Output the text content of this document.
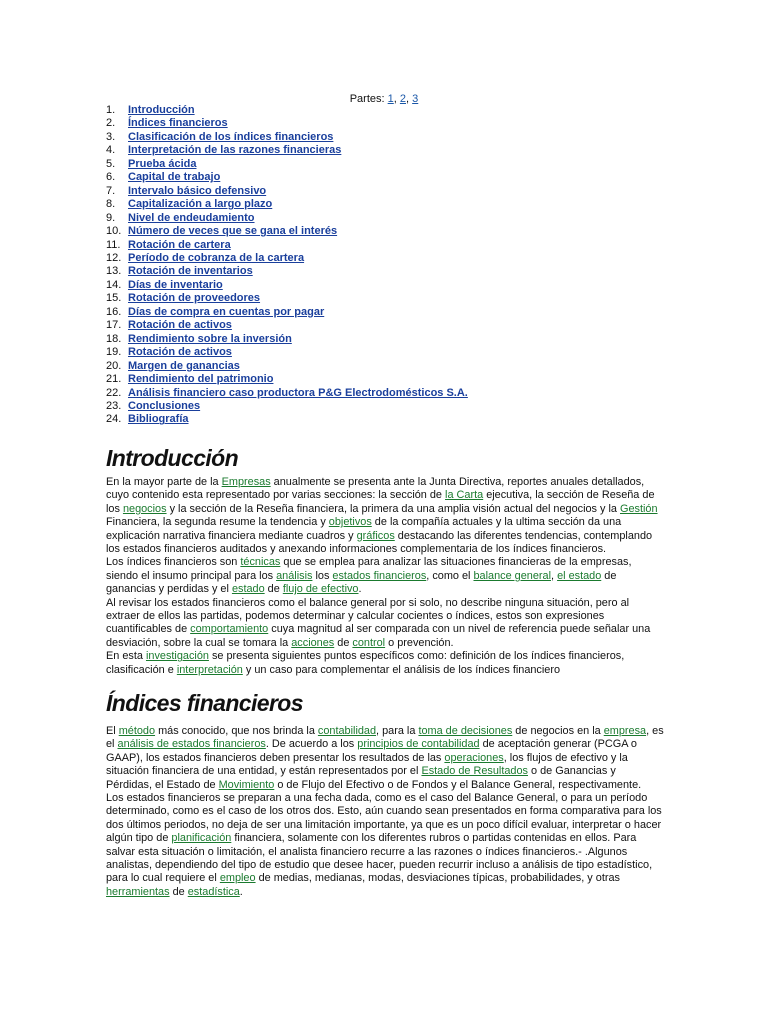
Partes: 1, 2, 3
1. Introducción
2. Índices financieros
3. Clasificación de los índices financieros
4. Interpretación de las razones financieras
5. Prueba ácida
6. Capital de trabajo
7. Intervalo básico defensivo
8. Capitalización a largo plazo
9. Nivel de endeudamiento
10. Número de veces que se gana el interés
11. Rotación de cartera
12. Período de cobranza de la cartera
13. Rotación de inventarios
14. Días de inventario
15. Rotación de proveedores
16. Días de compra en cuentas por pagar
17. Rotación de activos
18. Rendimiento sobre la inversión
19. Rotación de activos
20. Margen de ganancias
21. Rendimiento del patrimonio
22. Análisis financiero caso productora P&G Electrodomésticos S.A.
23. Conclusiones
24. Bibliografía
Introducción

En la mayor parte de la Empresas anualmente se presenta ante la Junta Directiva, reportes anuales detallados, cuyo contenido esta representado por varias secciones: la sección de la Carta ejecutiva, la sección de Reseña de los negocios y la sección de la Reseña financiera, la primera da una amplia visión actual del negocios y la Gestión Financiera, la segunda resume la tendencia y objetivos de la compañía actuales y la ultima sección da una explicación narrativa financiera mediante cuadros y gráficos destacando las diferentes tendencias, contemplando los estados financieros auditados y anexando informaciones complementaria de los índices financieros.

Los índices financieros son técnicas que se emplea para analizar las situaciones financieras de la empresas, siendo el insumo principal para los análisis los estados financieros, como el balance general, el estado de ganancias y perdidas y el estado de flujo de efectivo.

Al revisar los estados financieros como el balance general por si solo, no describe ninguna situación, pero al extraer de ellos las partidas, podemos determinar y calcular cocientes o índices, estos son expresiones cuantificables de comportamiento cuya magnitud al ser comparada con un nivel de referencia puede señalar una desviación, sobre la cual se tomara la acciones de control o prevención.

En esta investigación se presenta siguientes puntos específicos como: definición de los índices financieros, clasificación e interpretación y un caso para complementar el análisis de los índices financiero

Índices financieros

El método más conocido, que nos brinda la contabilidad, para la toma de decisiones de negocios en la empresa, es el análisis de estados financieros. De acuerdo a los principios de contabilidad de aceptación generar (PCGA o GAAP), los estados financieros deben presentar los resultados de las operaciones, los flujos de efectivo y la situación financiera de una entidad, y están representados por el Estado de Resultados o de Ganancias y Pérdidas, el Estado de Movimiento o de Flujo del Efectivo o de Fondos y el Balance General, respectivamente.

Los estados financieros se preparan a una fecha dada, como es el caso del Balance General, o para un período determinado, como es el caso de los otros dos. Esto, aún cuando sean presentados en forma comparativa para los dos últimos periodos, no deja de ser una limitación importante, ya que es un poco difícil evaluar, interpretar o hacer algún tipo de planificación financiera, solamente con los diferentes rubros o partidas contenidas en ellos. Para salvar esta situación o limitación, el analista financiero recurre a las razones o índices financieros.- .Algunos analistas, dependiendo del tipo de estudio que desee hacer, pueden recurrir incluso a análisis de tipo estadístico, para lo cual requiere el empleo de medias, medianas, modas, desviaciones típicas, probabilidades, y otras herramientas de estadística.
